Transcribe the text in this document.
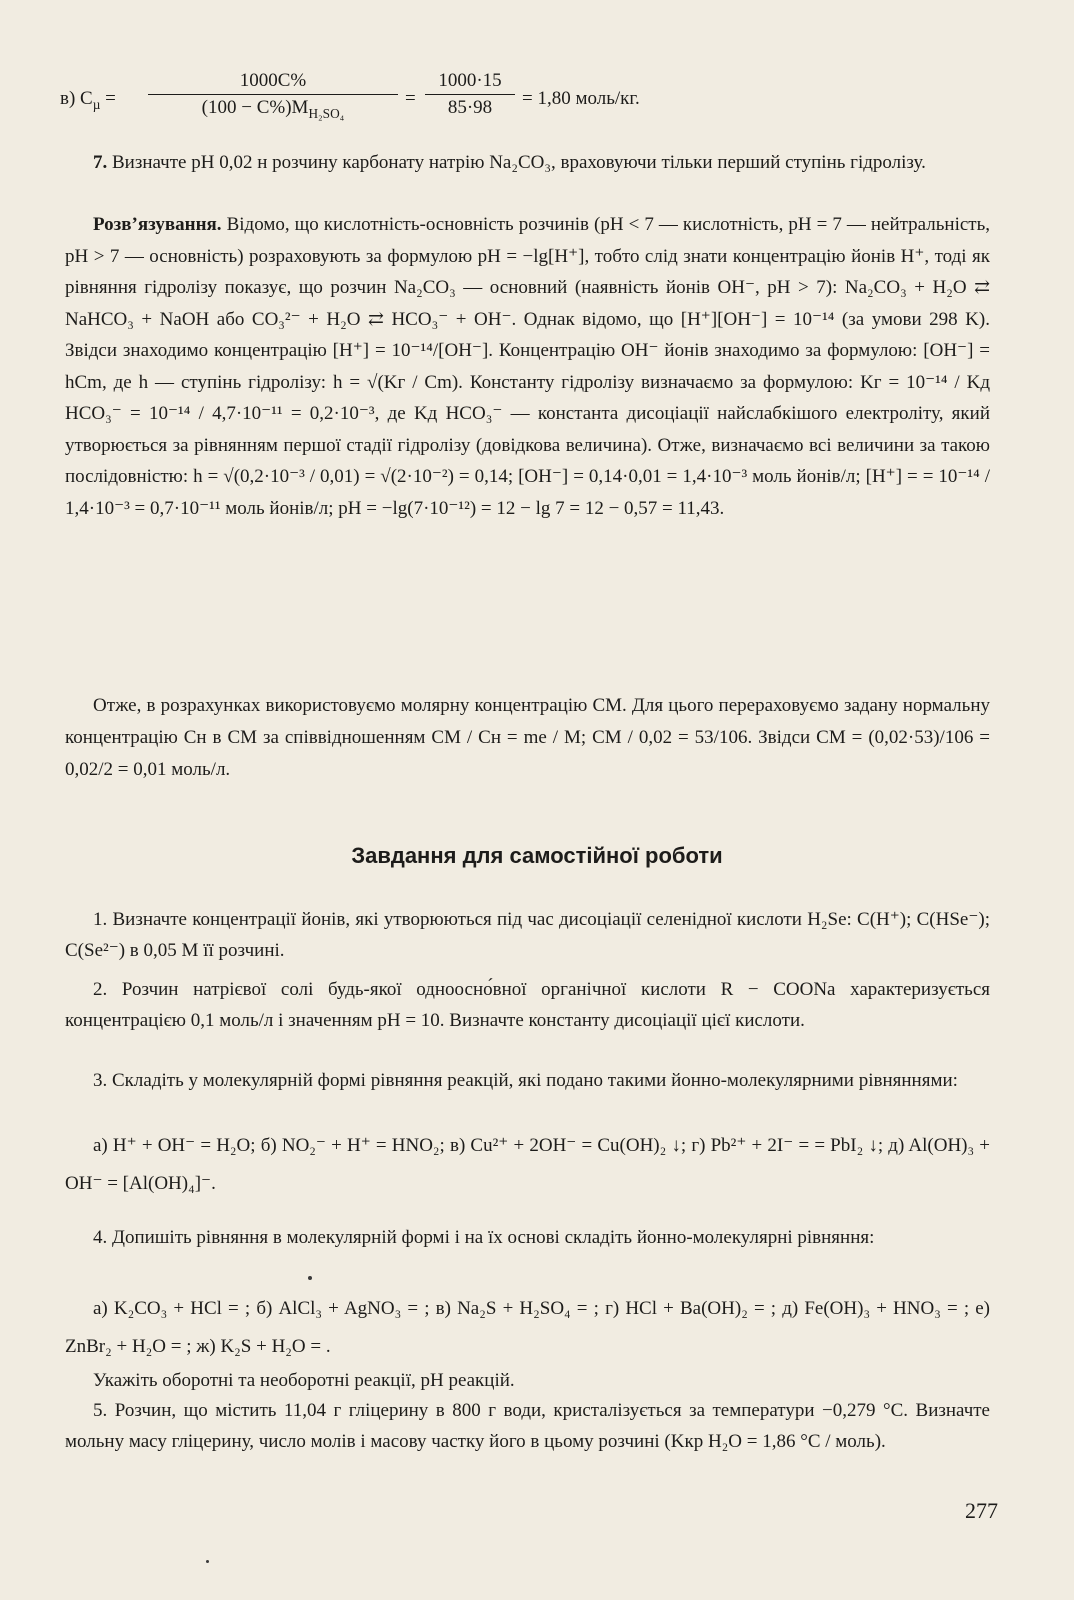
в) $C_\mu = \frac{1000C\%}{(100 - C\%)M_{H_2SO_4}} = \frac{1000\cdot 15}{85\cdot 98} = 1,80$ моль/кг.
7. Визначте pH 0,02 н розчину карбонату натрію Na₂CO₃, враховуючи тільки перший ступінь гідролізу.
Розв’язування. Відомо, що кислотність-основність розчинів (pH < 7 — кислотність, pH = 7 — нейтральність, pH > 7 — основність) розраховують за формулою pH = −lg[H⁺], тобто слід знати концентрацію йонів H⁺, тоді як рівняння гідролізу показує, що розчин Na₂CO₃ — основний (наявність йонів OH⁻, pH > 7): Na₂CO₃ + H₂O ⇄ NaHCO₃ + NaOH або CO₃²⁻ + H₂O ⇄ HCO₃⁻ + OH⁻. Однак відомо, що [H⁺][OH⁻] = 10⁻¹⁴ (за умови 298 K). Звідси знаходимо концентрацію [H⁺] = 10⁻¹⁴/[OH⁻]. Концентрацію OH⁻ йонів знаходимо за формулою: [OH⁻] = hCm, де h — ступінь гідролізу: h = √(Kг / Cm). Константу гідролізу визначаємо за формулою: Kг = 10⁻¹⁴ / Kд HCO₃⁻ = 10⁻¹⁴ / 4,7·10⁻¹¹ = 0,2·10⁻³, де Kд HCO₃⁻ — константа дисоціації найслабкішого електроліту, який утворюється за рівнянням першої стадії гідролізу (довідкова величина). Отже, визначаємо всі величини за такою послідовністю: h = √(0,2·10⁻³ / 0,01) = √(2·10⁻²) = 0,14; [OH⁻] = 0,14·0,01 = 1,4·10⁻³ моль йонів/л; [H⁺] = = 10⁻¹⁴ / 1,4·10⁻³ = 0,7·10⁻¹¹ моль йонів/л; pH = −lg(7·10⁻¹²) = 12 − lg 7 = 12 − 0,57 = 11,43.
Отже, в розрахунках використовуємо молярну концентрацію CM. Для цього перераховуємо задану нормальну концентрацію Cн в CM за співвідношенням CM / Cн = mе / M; CM / 0,02 = 53/106. Звідси CM = (0,02·53)/106 = 0,02/2 = 0,01 моль/л.
Завдання для самостійної роботи
1. Визначте концентрації йонів, які утворюються під час дисоціації селенідної кислоти H₂Se: C(H⁺); C(HSe⁻); C(Se²⁻) в 0,05 M її розчині.
2. Розчин натрієвої солі будь-якої одноосно́вної органічної кислоти R − COONa характеризується концентрацією 0,1 моль/л і значенням pH = 10. Визначте константу дисоціації цієї кислоти.
3. Складіть у молекулярній формі рівняння реакцій, які подано такими йонно-молекулярними рівняннями:
а) H⁺ + OH⁻ = H₂O; б) NO₂⁻ + H⁺ = HNO₂; в) Cu²⁺ + 2OH⁻ = Cu(OH)₂ ↓; г) Pb²⁺ + 2I⁻ = = PbI₂ ↓; д) Al(OH)₃ + OH⁻ = [Al(OH)₄]⁻.
4. Допишіть рівняння в молекулярній формі і на їх основі складіть йонно-молекулярні рівняння:
а) K₂CO₃ + HCl = ; б) AlCl₃ + AgNO₃ = ; в) Na₂S + H₂SO₄ = ; г) HCl + Ba(OH)₂ = ; д) Fe(OH)₃ + HNO₃ = ; е) ZnBr₂ + H₂O = ; ж) K₂S + H₂O = .
Укажіть оборотні та необоротні реакції, pH реакцій.
5. Розчин, що містить 11,04 г гліцерину в 800 г води, кристалізується за температури −0,279 °C. Визначте мольну масу гліцерину, число молів і масову частку його в цьому розчині (Kкр H₂O = 1,86 °C / моль).
277
